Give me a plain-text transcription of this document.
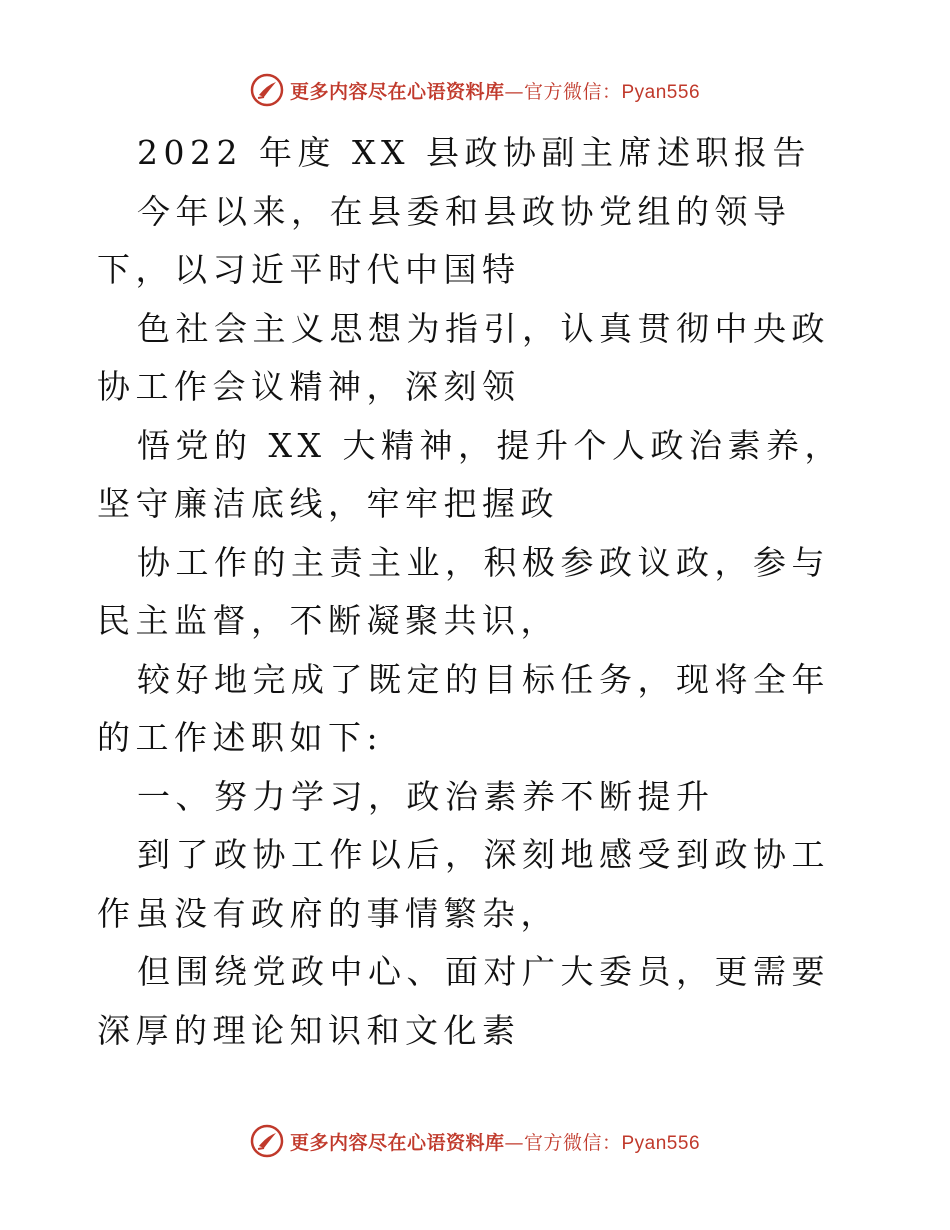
更多内容尽在心语资料库—官方微信：Pyan556

2022 年度 XX 县政协副主席述职报告

今年以来，在县委和县政协党组的领导下，以习近平时代中国特

色社会主义思想为指引，认真贯彻中央政协工作会议精神，深刻领

悟党的 XX 大精神，提升个人政治素养，坚守廉洁底线，牢牢把握政

协工作的主责主业，积极参政议政，参与民主监督，不断凝聚共识，

较好地完成了既定的目标任务，现将全年的工作述职如下:

一、努力学习，政治素养不断提升

到了政协工作以后，深刻地感受到政协工作虽没有政府的事情繁杂，

但围绕党政中心、面对广大委员，更需要深厚的理论知识和文化素

更多内容尽在心语资料库—官方微信：Pyan556
